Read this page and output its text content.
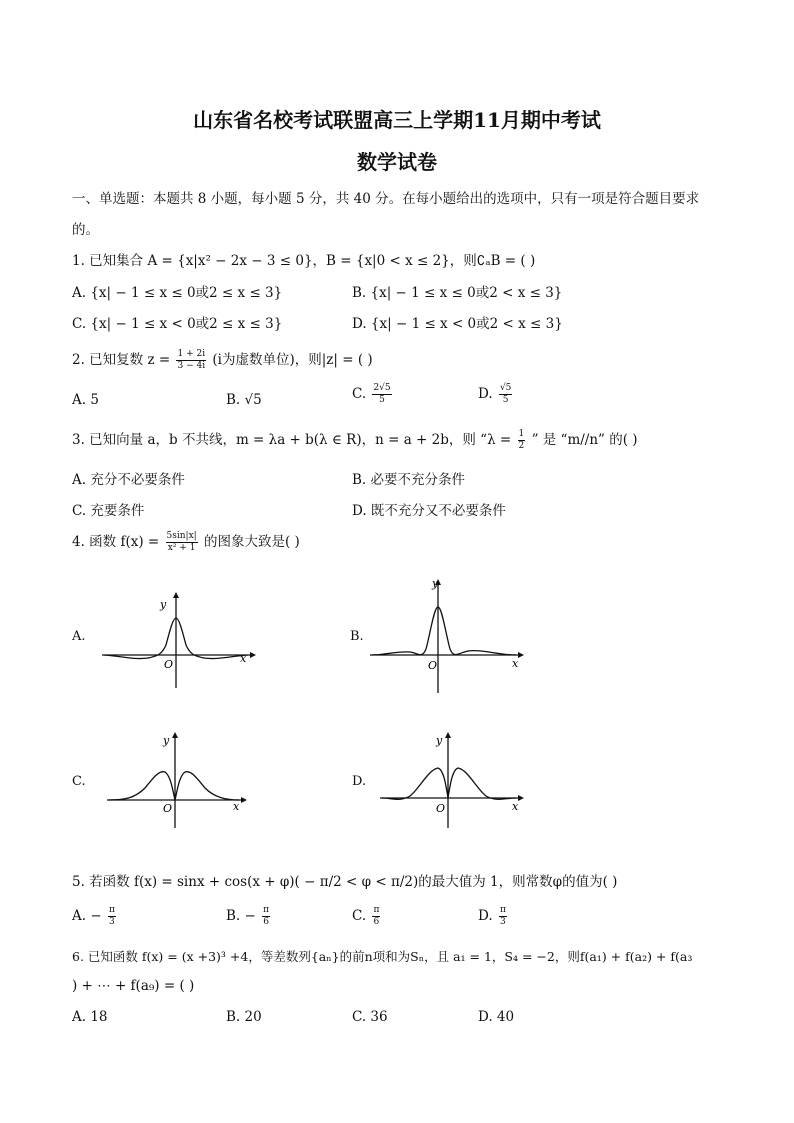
山东省名校考试联盟高三上学期11月期中考试
数学试卷
一、单选题：本题共 8 小题，每小题 5 分，共 40 分。在每小题给出的选项中，只有一项是符合题目要求
的。
1. 已知集合 A = {x|x² − 2x − 3 ≤ 0}，B = {x|0 < x ≤ 2}，则∁ₐB = ( )
A. {x| − 1 ≤ x ≤ 0或2 ≤ x ≤ 3}	B. {x| − 1 ≤ x ≤ 0或2 < x ≤ 3}
C. {x| − 1 ≤ x < 0或2 ≤ x ≤ 3}	D. {x| − 1 ≤ x < 0或2 < x ≤ 3}
2. 已知复数 $z = \frac{1 + 2i}{3 - 4i} (i$为虚数单位)，则|z| = ( )
A. 5	B. √5	C. $\frac{2√5}{5}$	D. $\frac{√5}{5}$
3. 已知向量 a，b 不共线，m = λa + b(λ ∈ R)，n = a + 2b，则 “$\lambda = \frac{1}{2}$ ” 是 “m//n” 的( )
A. 充分不必要条件	B. 必要不充分条件
C. 充要条件	D. 既不充分又不必要条件
4. 函数 $f(x) = \frac{5\sin|x|}{\text{x² + 1}}$ 的图象大致是( )
A.	B.
C.	D.
y
x
O
y
x
O
y
x
O
y
x
O
5. 若函数 f(x) = sinx + cos(x + φ)( − π/2 < φ < π/2)的最大值为 1，则常数φ的值为( )
A. − $\frac{\pi}{3}$	B. − $\frac{\pi}{6}$	C. $\frac{\pi}{6}$	D. $\frac{\pi}{3}$
6. 已知函数 f(x) = (x +3)³ +4，等差数列{aₙ}的前n项和为Sₙ，且 a₁ = 1，S₄ = −2，则f(a₁) + f(a₂) + f(a₃
) + ⋯ + f(a₉) = ( )
A. 18	B. 20	C. 36	D. 40
